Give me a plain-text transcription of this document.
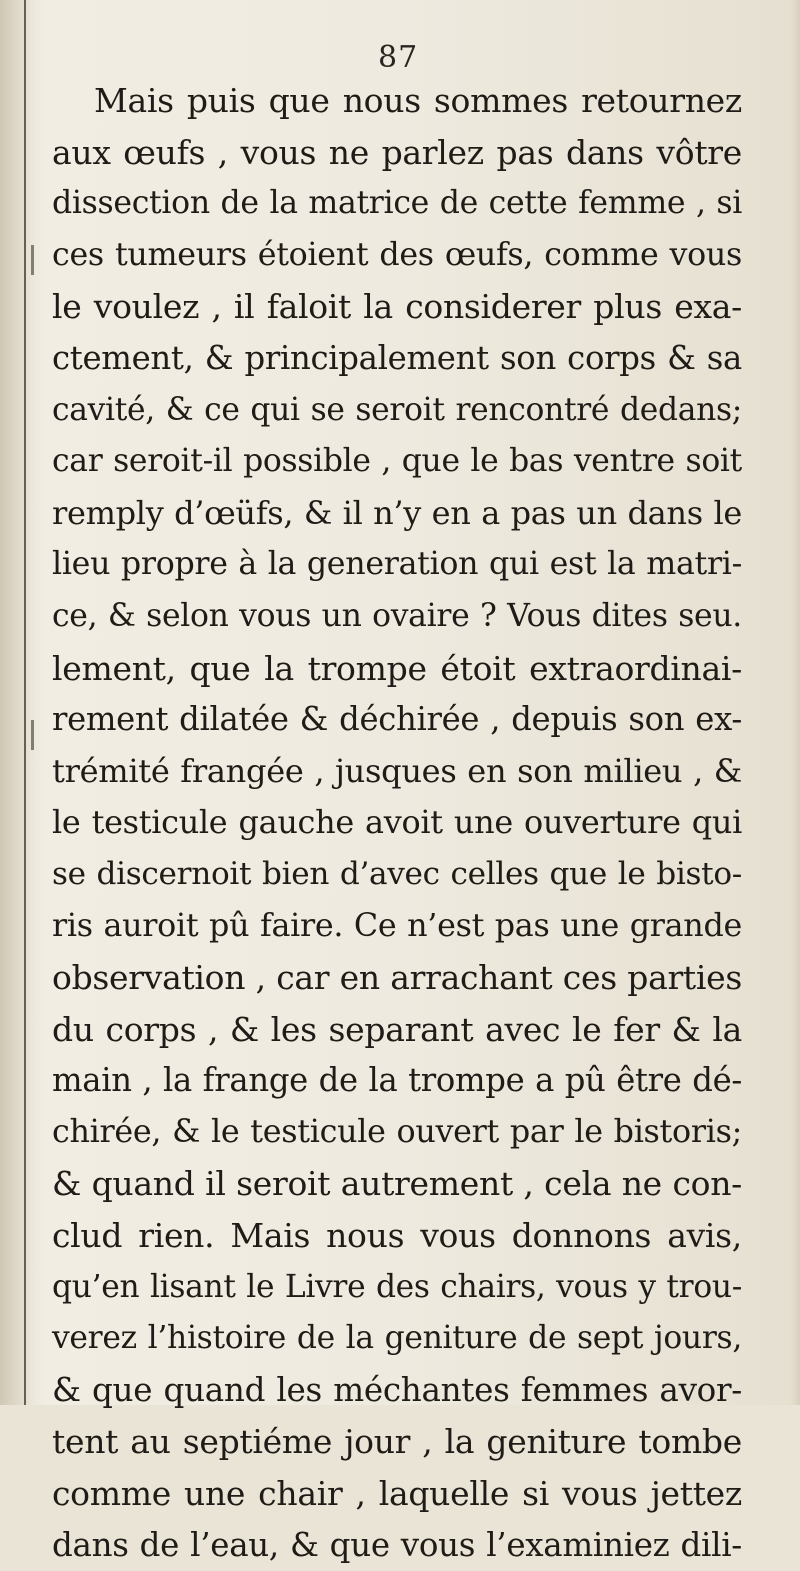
87
Mais puis que nous sommes retournez
aux œufs , vous ne parlez pas dans vôtre
dissection de la matrice de cette femme , si
ces tumeurs étoient des œufs, comme vous
le voulez , il faloit la considerer plus exa-
ctement, & principalement son corps & sa
cavité, & ce qui se seroit rencontré dedans;
car seroit-il possible , que le bas ventre soit
remply d’œüfs, & il n’y en a pas un dans le
lieu propre à la generation qui est la matri-
ce, & selon vous un ovaire ? Vous dites seu.
lement, que la trompe étoit extraordinai-
rement dilatée & déchirée , depuis son ex-
trémité frangée , jusques en son milieu , &
le testicule gauche avoit une ouverture qui
se discernoit bien d’avec celles que le bisto-
ris auroit pû faire. Ce n’est pas une grande
observation , car en arrachant ces parties
du corps , & les separant avec le fer & la
main , la frange de la trompe a pû être dé-
chirée, & le testicule ouvert par le bistoris;
& quand il seroit autrement , cela ne con-
clud rien. Mais nous vous donnons avis,
qu’en lisant le Livre des chairs, vous y trou-
verez l’histoire de la geniture de sept jours,
& que quand les méchantes femmes avor-
tent au septiéme jour , la geniture tombe
comme une chair , laquelle si vous jettez
dans de l’eau, & que vous l’examiniez dili-
